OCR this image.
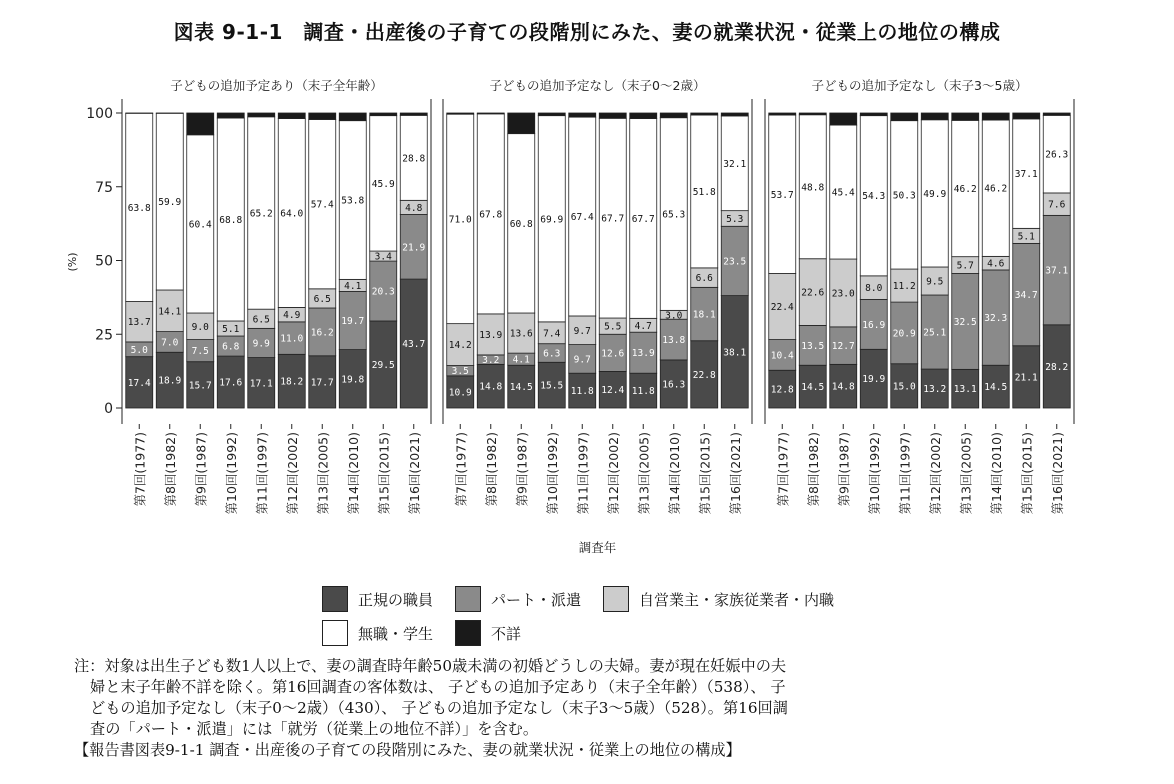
図表 9-1-1　調査・出産後の子育ての段階別にみた、妻の就業状況・従業上の地位の構成
(%)
0
25
50
75
100
子どもの追加予定あり（末子全年齢）
17.4
5.0
13.7
63.8
第7回(1977)
18.9
7.0
14.1
59.9
第8回(1982)
15.7
7.5
9.0
60.4
第9回(1987)
17.6
6.8
5.1
68.8
第10回(1992)
17.1
9.9
6.5
65.2
第11回(1997)
18.2
11.0
4.9
64.0
第12回(2002)
17.7
16.2
6.5
57.4
第13回(2005)
19.8
19.7
4.1
53.8
第14回(2010)
29.5
20.3
3.4
45.9
第15回(2015)
43.7
21.9
4.8
28.8
第16回(2021)
子どもの追加予定なし（末子0～2歳）
10.9
3.5
14.2
71.0
第7回(1977)
14.8
3.2
13.9
67.8
第8回(1982)
14.5
4.1
13.6
60.8
第9回(1987)
15.5
6.3
7.4
69.9
第10回(1992)
11.8
9.7
9.7
67.4
第11回(1997)
12.4
12.6
5.5
67.7
第12回(2002)
11.8
13.9
4.7
67.7
第13回(2005)
16.3
13.8
3.0
65.3
第14回(2010)
22.8
18.1
6.6
51.8
第15回(2015)
38.1
23.5
5.3
32.1
第16回(2021)
子どもの追加予定なし（末子3～5歳）
12.8
10.4
22.4
53.7
第7回(1977)
14.5
13.5
22.6
48.8
第8回(1982)
14.8
12.7
23.0
45.4
第9回(1987)
19.9
16.9
8.0
54.3
第10回(1992)
15.0
20.9
11.2
50.3
第11回(1997)
13.2
25.1
9.5
49.9
第12回(2002)
13.1
32.5
5.7
46.2
第13回(2005)
14.5
32.3
4.6
46.2
第14回(2010)
21.1
34.7
5.1
37.1
第15回(2015)
28.2
37.1
7.6
26.3
第16回(2021)
調査年
正規の職員	パート・派遣	自営業主・家族従業者・内職
無職・学生	不詳

注：対象は出生子ども数1人以上で、妻の調査時年齢50歳未満の初婚どうしの夫婦。妻が現在妊娠中の夫

婦と末子年齢不詳を除く。第16回調査の客体数は、 子どもの追加予定あり（末子全年齢）（538）、 子

どもの追加予定なし（末子0～2歳）（430）、 子どもの追加予定なし（末子3～5歳）（528）。第16回調

査の「パート・派遣」には「就労（従業上の地位不詳）」を含む。

【報告書図表9-1-1 調査・出産後の子育ての段階別にみた、妻の就業状況・従業上の地位の構成】
